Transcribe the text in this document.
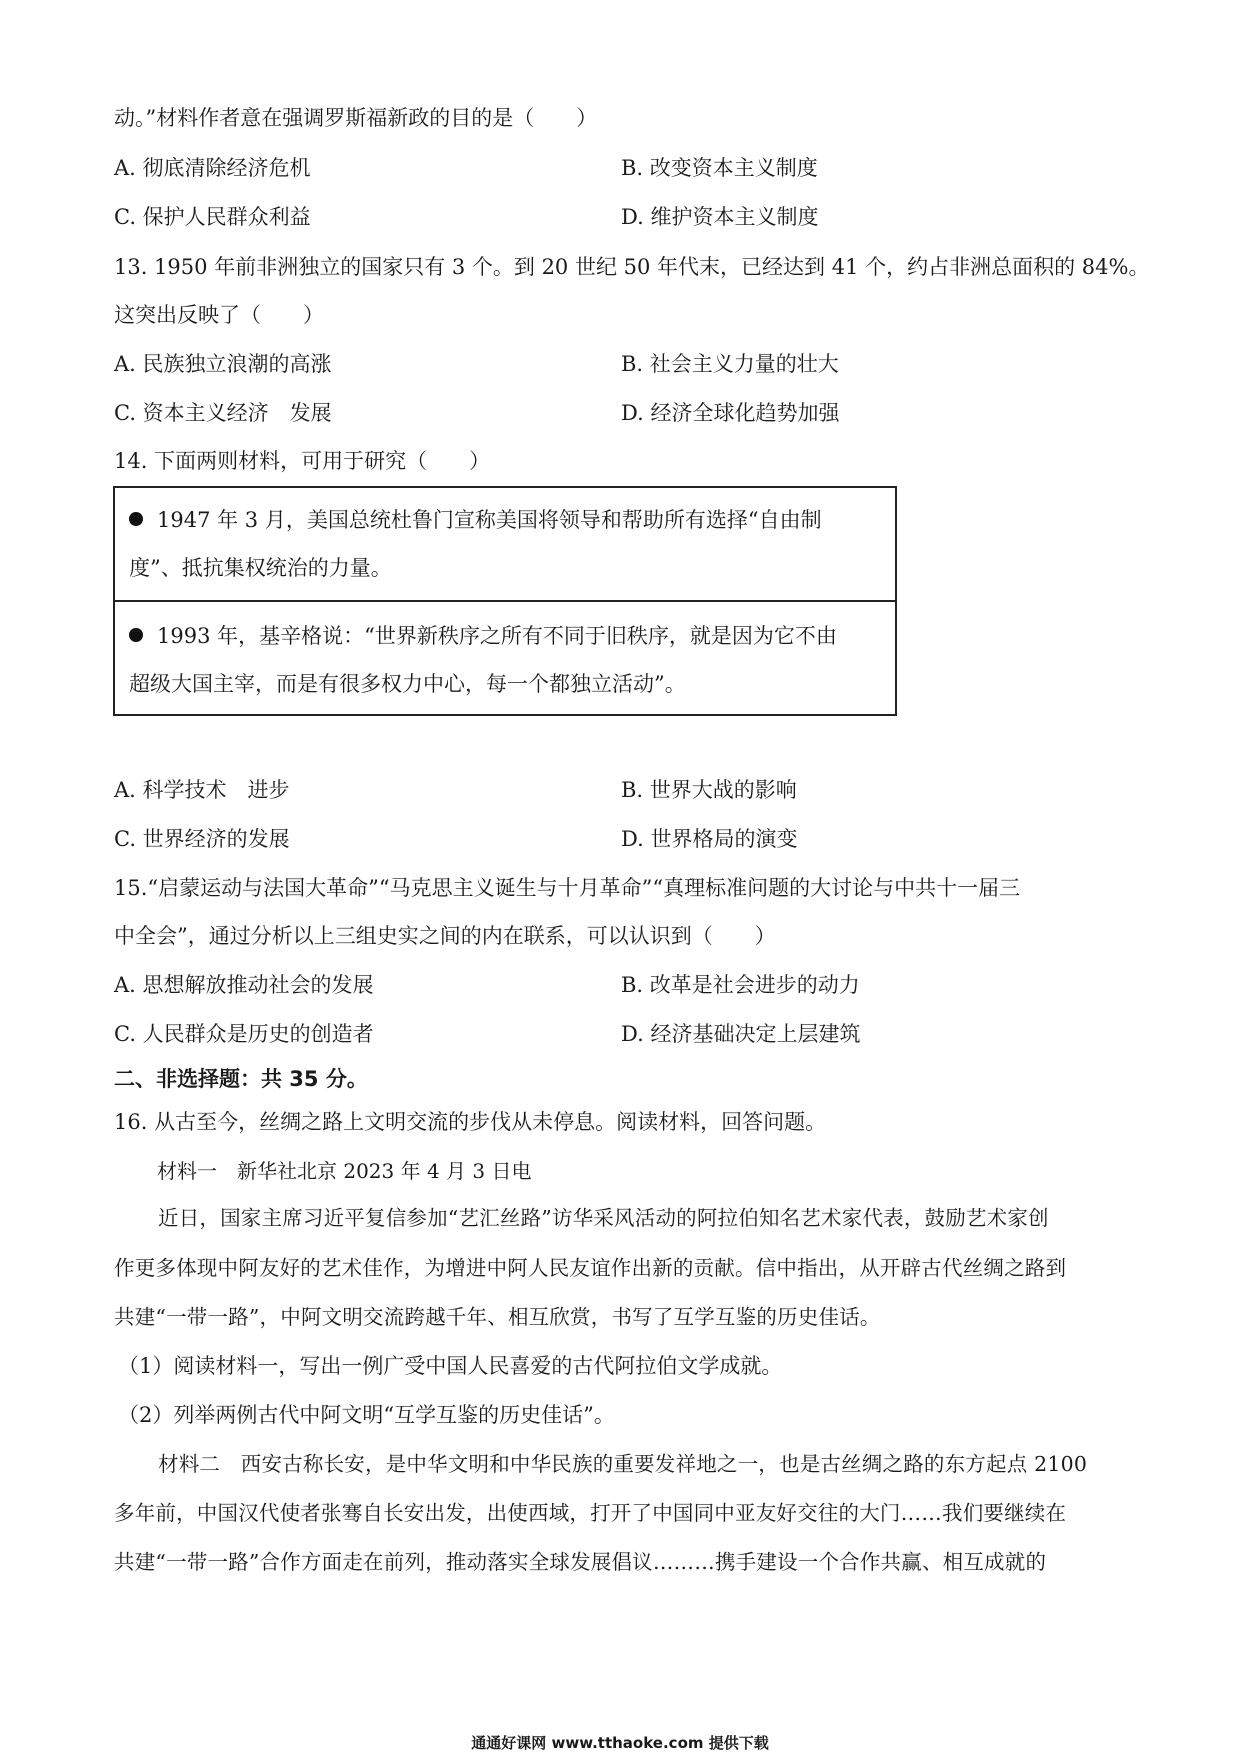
动。”材料作者意在强调罗斯福新政的目的是（　　）
A. 彻底清除经济危机	B. 改变资本主义制度
C. 保护人民群众利益	D. 维护资本主义制度
13. 1950 年前非洲独立的国家只有 3 个。到 20 世纪 50 年代末，已经达到 41 个，约占非洲总面积的 84%。
这突出反映了（　　）
A. 民族独立浪潮的高涨	B. 社会主义力量的壮大
C. 资本主义经济　发展	D. 经济全球化趋势加强
14. 下面两则材料，可用于研究（　　）
1947 年 3 月，美国总统杜鲁门宣称美国将领导和帮助所有选择“自由制
度”、抵抗集权统治的力量。
1993 年，基辛格说：“世界新秩序之所有不同于旧秩序，就是因为它不由
超级大国主宰，而是有很多权力中心，每一个都独立活动”。
A. 科学技术　进步	B. 世界大战的影响
C. 世界经济的发展	D. 世界格局的演变
15.“启蒙运动与法国大革命”“马克思主义诞生与十月革命”“真理标准问题的大讨论与中共十一届三
中全会”，通过分析以上三组史实之间的内在联系，可以认识到（　　）
A. 思想解放推动社会的发展	B. 改革是社会进步的动力
C. 人民群众是历史的创造者	D. 经济基础决定上层建筑
二、非选择题：共 35 分。
16. 从古至今，丝绸之路上文明交流的步伐从未停息。阅读材料，回答问题。
材料一　新华社北京 2023 年 4 月 3 日电
近日，国家主席习近平复信参加“艺汇丝路”访华采风活动的阿拉伯知名艺术家代表，鼓励艺术家创
作更多体现中阿友好的艺术佳作，为增进中阿人民友谊作出新的贡献。信中指出，从开辟古代丝绸之路到
共建“一带一路”，中阿文明交流跨越千年、相互欣赏，书写了互学互鉴的历史佳话。
（1）阅读材料一，写出一例广受中国人民喜爱的古代阿拉伯文学成就。
（2）列举两例古代中阿文明“互学互鉴的历史佳话”。
材料二　西安古称长安，是中华文明和中华民族的重要发祥地之一，也是古丝绸之路的东方起点 2100
多年前，中国汉代使者张骞自长安出发，出使西域，打开了中国同中亚友好交往的大门……我们要继续在
共建“一带一路”合作方面走在前列，推动落实全球发展倡议………携手建设一个合作共赢、相互成就的
通通好课网 www.tthaoke.com 提供下载
